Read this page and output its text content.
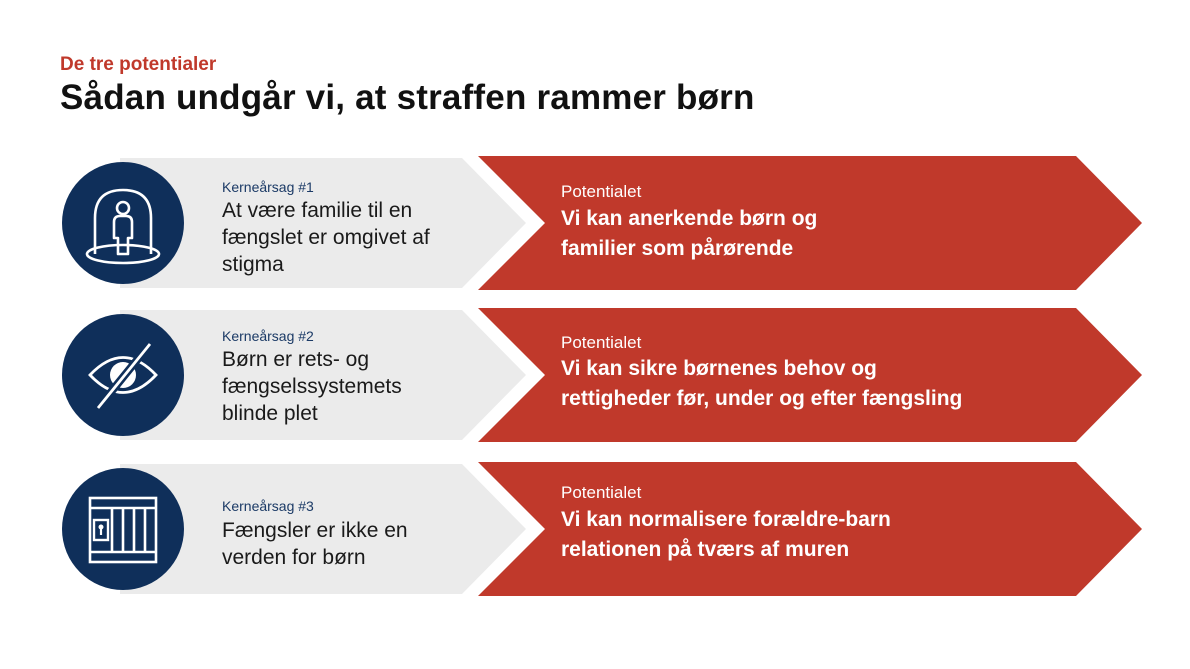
De tre potentialer
Sådan undgår vi, at straffen rammer børn
Kerneårsag #1
At være familie til en
fængslet er omgivet af
stigma
Potentialet
Vi kan anerkende børn og
familier som pårørende
Kerneårsag #2
Børn er rets- og
fængselssystemets
blinde plet
Potentialet
Vi kan sikre børnenes behov og
rettigheder før, under og efter fængsling
Kerneårsag #3
Fængsler er ikke en
verden for børn
Potentialet
Vi kan normalisere forældre-barn
relationen på tværs af muren
